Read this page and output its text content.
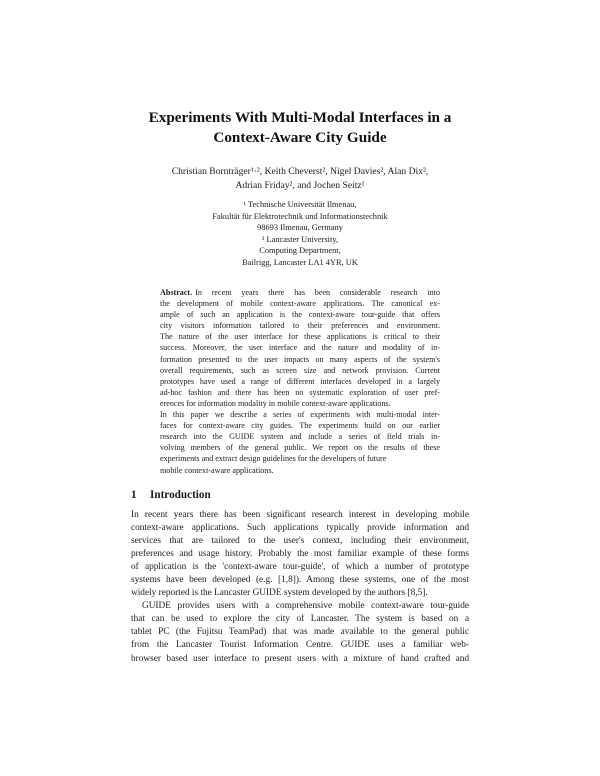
Experiments With Multi-Modal Interfaces in a
Context-Aware City Guide
Christian Bornträger¹·², Keith Cheverst², Nigel Davies², Alan Dix²,
Adrian Friday², and Jochen Seitz¹
¹ Technische Universität Ilmenau,
Fakultät für Elektrotechnik und Informationstechnik
98693 Ilmenau, Germany
² Lancaster University,
Computing Department,
Bailrigg, Lancaster LA1 4YR, UK
Abstract. In recent years there has been considerable research into
the development of mobile context-aware applications. The canonical ex-
ample of such an application is the context-aware tour-guide that offers
city visitors information tailored to their preferences and environment.
The nature of the user interface for these applications is critical to their
success. Moreover, the user interface and the nature and modality of in-
formation presented to the user impacts on many aspects of the system's
overall requirements, such as screen size and network provision. Current
prototypes have used a range of different interfaces developed in a largely
ad-hoc fashion and there has been no systematic exploration of user pref-
erences for information modality in mobile context-aware applications.
In this paper we describe a series of experiments with multi-modal inter-
faces for context-aware city guides. The experiments build on our earlier
research into the GUIDE system and include a series of field trials in-
volving members of the general public. We report on the results of these
experiments and extract design guidelines for the developers of future
mobile context-aware applications.
1 Introduction
In recent years there has been significant research interest in developing mobile
context-aware applications. Such applications typically provide information and
services that are tailored to the user's context, including their environment,
preferences and usage history. Probably the most familiar example of these forms
of application is the 'context-aware tour-guide', of which a number of prototype
systems have been developed (e.g. [1,8]). Among these systems, one of the most
widely reported is the Lancaster GUIDE system developed by the authors [8,5].
GUIDE provides users with a comprehensive mobile context-aware tour-guide
that can be used to explore the city of Lancaster. The system is based on a
tablet PC (the Fujitsu TeamPad) that was made available to the general public
from the Lancaster Tourist Information Centre. GUIDE uses a familiar web-
browser based user interface to present users with a mixture of hand crafted and
